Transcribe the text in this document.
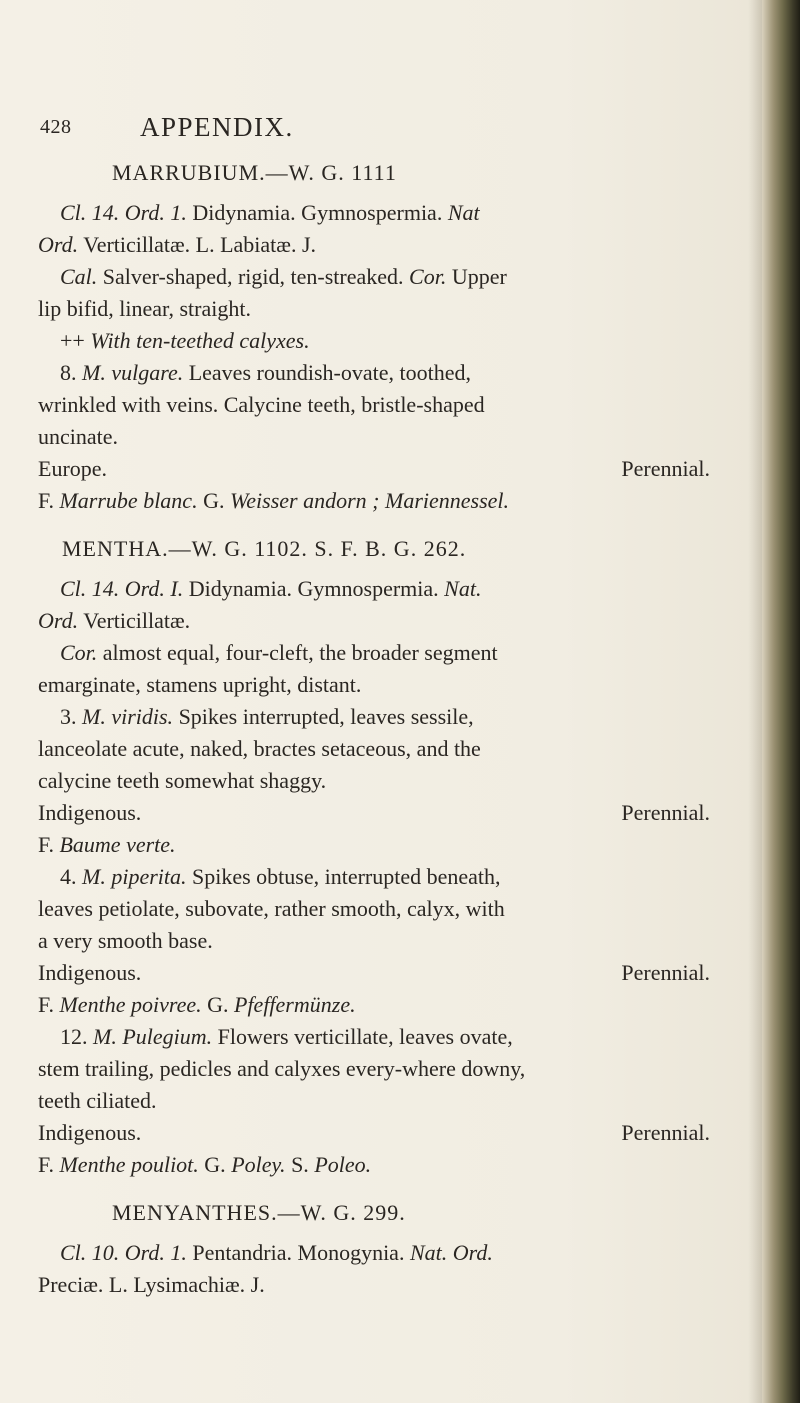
428	APPENDIX.
MARRUBIUM.—W. G. 1111
Cl. 14. Ord. 1. Didynamia. Gymnospermia. Nat
Ord. Verticillatæ. L. Labiatæ. J.
Cal. Salver-shaped, rigid, ten-streaked. Cor. Upper
lip bifid, linear, straight.
++ With ten-teethed calyxes.
8. M. vulgare. Leaves roundish-ovate, toothed,
wrinkled with veins. Calycine teeth, bristle-shaped
uncinate.
Europe.	Perennial.
F. Marrube blanc. G. Weisser andorn ; Mariennessel.
MENTHA.—W. G. 1102. S. F. B. G. 262.
Cl. 14. Ord. I. Didynamia. Gymnospermia. Nat.
Ord. Verticillatæ.
Cor. almost equal, four-cleft, the broader segment
emarginate, stamens upright, distant.
3. M. viridis. Spikes interrupted, leaves sessile,
lanceolate acute, naked, bractes setaceous, and the
calycine teeth somewhat shaggy.
Indigenous.	Perennial.
F. Baume verte.
4. M. piperita. Spikes obtuse, interrupted beneath,
leaves petiolate, subovate, rather smooth, calyx, with
a very smooth base.
Indigenous.	Perennial.
F. Menthe poivree. G. Pfeffermünze.
12. M. Pulegium. Flowers verticillate, leaves ovate,
stem trailing, pedicles and calyxes every-where downy,
teeth ciliated.
Indigenous.	Perennial.
F. Menthe pouliot. G. Poley. S. Poleo.
MENYANTHES.—W. G. 299.
Cl. 10. Ord. 1. Pentandria. Monogynia. Nat. Ord.
Preciæ. L. Lysimachiæ. J.
